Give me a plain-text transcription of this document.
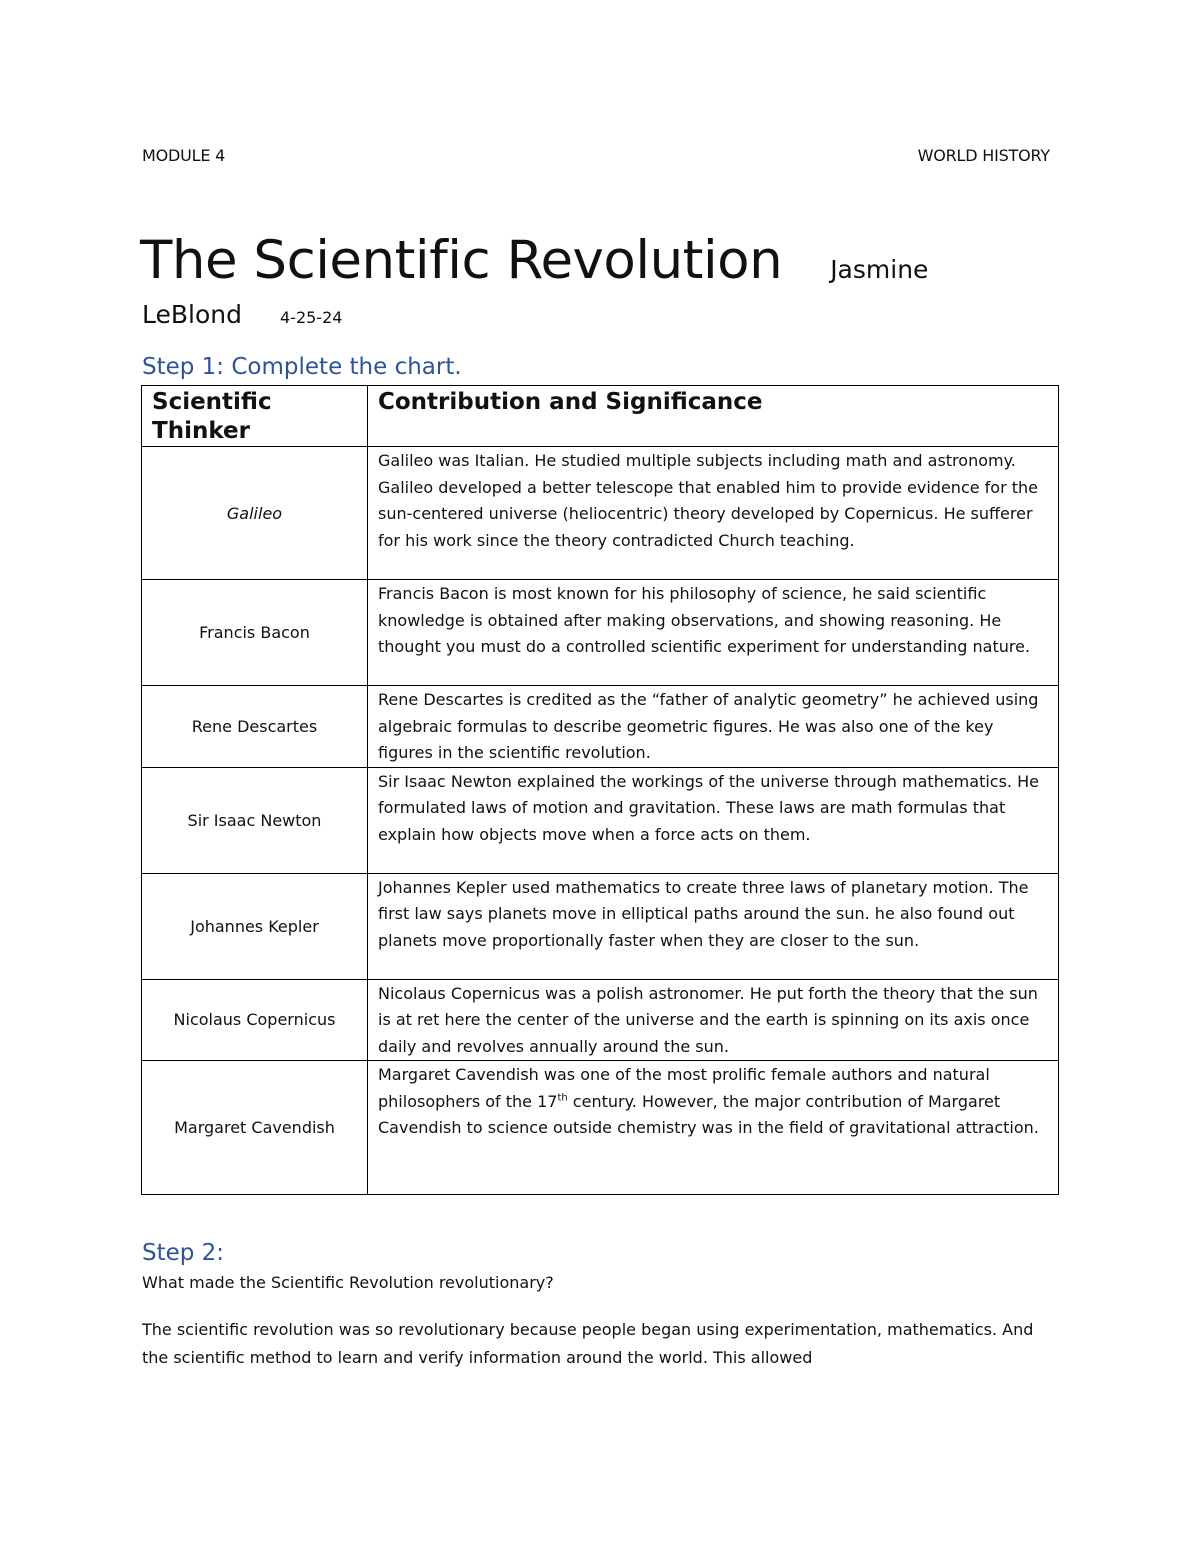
MODULE 4	WORLD HISTORY
The Scientific Revolution Jasmine
LeBlond 4-25-24
Step 1: Complete the chart.
Scientific Thinker	Contribution and Significance
Galileo	Galileo was Italian. He studied multiple subjects including math and astronomy. Galileo developed a better telescope that enabled him to provide evidence for the sun-centered universe (heliocentric) theory developed by Copernicus. He sufferer for his work since the theory contradicted Church teaching.
Francis Bacon	Francis Bacon is most known for his philosophy of science, he said scientific knowledge is obtained after making observations, and showing reasoning. He thought you must do a controlled scientific experiment for understanding nature.
Rene Descartes	Rene Descartes is credited as the “father of analytic geometry” he achieved using algebraic formulas to describe geometric figures. He was also one of the key figures in the scientific revolution.
Sir Isaac Newton	Sir Isaac Newton explained the workings of the universe through mathematics. He formulated laws of motion and gravitation. These laws are math formulas that explain how objects move when a force acts on them.
Johannes Kepler	Johannes Kepler used mathematics to create three laws of planetary motion. The first law says planets move in elliptical paths around the sun. he also found out planets move proportionally faster when they are closer to the sun.
Nicolaus Copernicus	Nicolaus Copernicus was a polish astronomer. He put forth the theory that the sun is at ret here the center of the universe and the earth is spinning on its axis once daily and revolves annually around the sun.
Margaret Cavendish	Margaret Cavendish was one of the most prolific female authors and natural philosophers of the 17th century. However, the major contribution of Margaret Cavendish to science outside chemistry was in the field of gravitational attraction.
Step 2:
What made the Scientific Revolution revolutionary?
The scientific revolution was so revolutionary because people began using experimentation, mathematics. And the scientific method to learn and verify information around the world. This allowed
